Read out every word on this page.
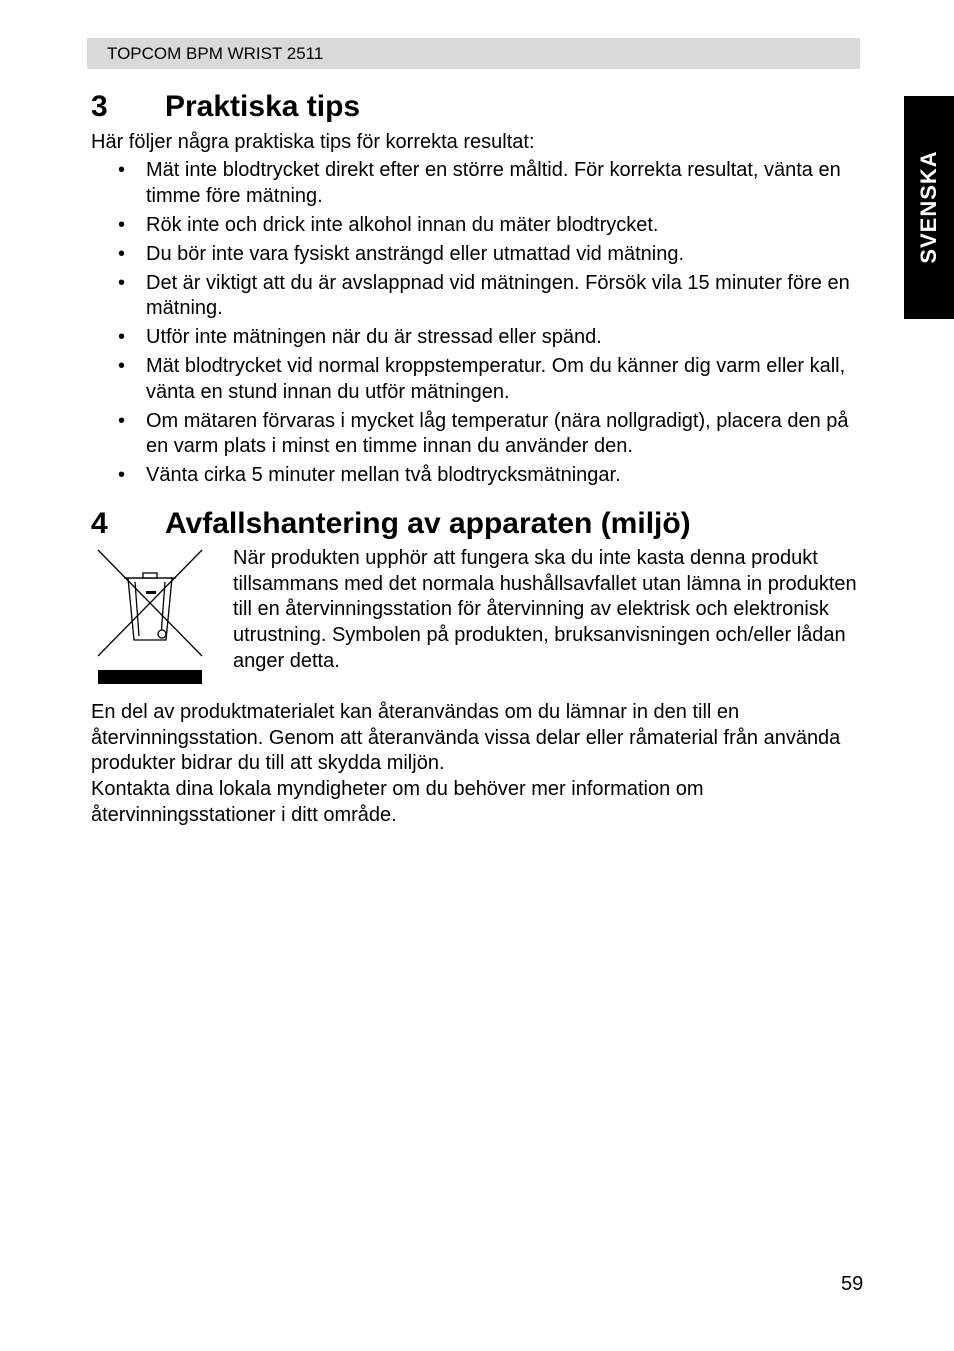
TOPCOM BPM WRIST 2511
SVENSKA
3 Praktiska tips

Här följer några praktiska tips för korrekta resultat:

• Mät inte blodtrycket direkt efter en större måltid. För korrekta resultat, vänta en timme före mätning.
• Rök inte och drick inte alkohol innan du mäter blodtrycket.
• Du bör inte vara fysiskt ansträngd eller utmattad vid mätning.
• Det är viktigt att du är avslappnad vid mätningen. Försök vila 15 minuter före en mätning.
• Utför inte mätningen när du är stressad eller spänd.
• Mät blodtrycket vid normal kroppstemperatur. Om du känner dig varm eller kall, vänta en stund innan du utför mätningen.
• Om mätaren förvaras i mycket låg temperatur (nära nollgradigt), placera den på en varm plats i minst en timme innan du använder den.
• Vänta cirka 5 minuter mellan två blodtrycksmätningar.
4 Avfallshantering av apparaten (miljö)

När produkten upphör att fungera ska du inte kasta denna produkt tillsammans med det normala hushållsavfallet utan lämna in produkten till en återvinningsstation för återvinning av elektrisk och elektronisk utrustning. Symbolen på produkten, bruksanvisningen och/eller lådan anger detta.

En del av produktmaterialet kan återanvändas om du lämnar in den till en återvinningsstation. Genom att återanvända vissa delar eller råmaterial från använda produkter bidrar du till att skydda miljön.

Kontakta dina lokala myndigheter om du behöver mer information om återvinningsstationer i ditt område.

59
